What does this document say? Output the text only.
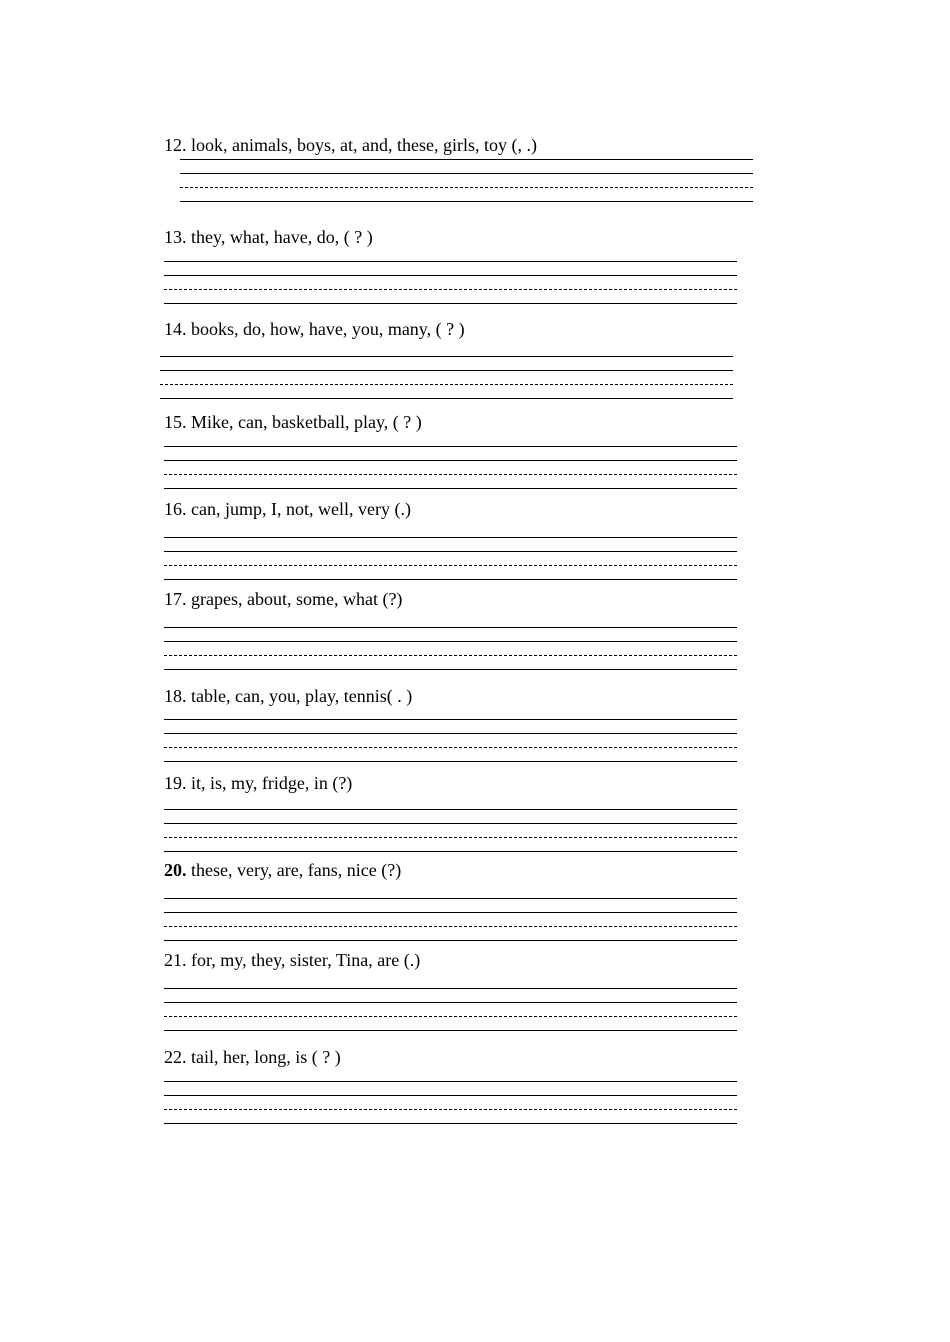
12. look, animals, boys, at, and, these, girls, toy (, .)
13. they, what, have, do, ( ? )
14. books, do, how, have, you, many, ( ? )
15. Mike, can, basketball, play, ( ? )
16. can, jump, I, not, well, very (.)
17. grapes, about, some, what (?)
18. table, can, you, play, tennis( . )
19. it, is, my, fridge, in (?)
20. these, very, are, fans, nice (?)
21. for, my, they, sister, Tina, are (.)
22. tail, her, long, is ( ? )
